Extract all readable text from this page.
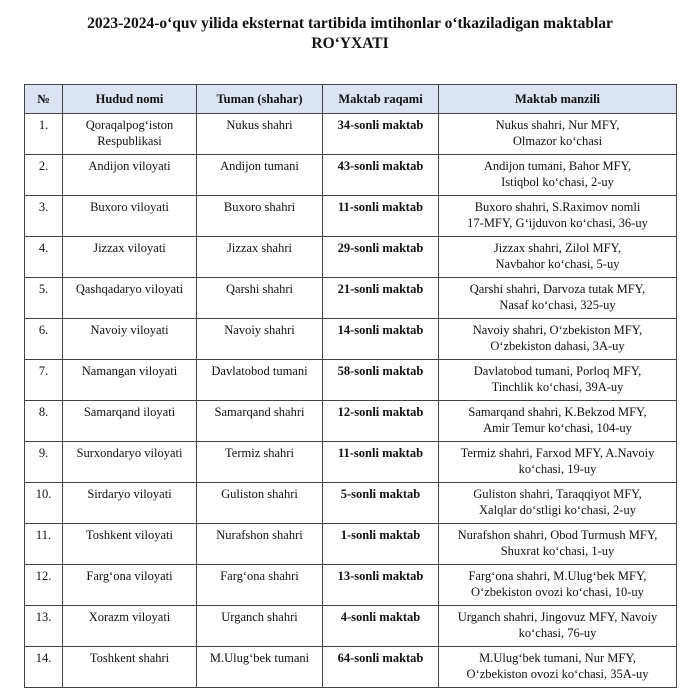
2023-2024-o‘quv yilida eksternat tartibida imtihonlar o‘tkaziladigan maktablar
RO‘YXATI
№	Hudud nomi	Tuman (shahar)	Maktab raqami	Maktab manzili
1.	Qoraqalpog‘iston Respublikasi	Nukus shahri	34-sonli maktab	Nukus shahri, Nur MFY,
Olmazor ko‘chasi

2.	Andijon viloyati	Andijon tumani	43-sonli maktab	Andijon tumani, Bahor MFY,
Istiqbol ko‘chasi, 2-uy

3.	Buxoro viloyati	Buxoro shahri	11-sonli maktab	Buxoro shahri, S.Raximov nomli
17-MFY, G‘ijduvon ko‘chasi, 36-uy

4.	Jizzax viloyati	Jizzax shahri	29-sonli maktab	Jizzax shahri, Zilol MFY,
Navbahor ko‘chasi, 5-uy

5.	Qashqadaryo viloyati	Qarshi shahri	21-sonli maktab	Qarshi shahri, Darvoza tutak MFY,
Nasaf ko‘chasi, 325-uy

6.	Navoiy viloyati	Navoiy shahri	14-sonli maktab	Navoiy shahri, O‘zbekiston MFY,
O‘zbekiston dahasi, 3A-uy

7.	Namangan viloyati	Davlatobod tumani	58-sonli maktab	Davlatobod tumani, Porloq MFY,
Tinchlik ko‘chasi, 39A-uy

8.	Samarqand iloyati	Samarqand shahri	12-sonli maktab	Samarqand shahri, K.Bekzod MFY,
Amir Temur ko‘chasi, 104-uy

9.	Surxondaryo viloyati	Termiz shahri	11-sonli maktab	Termiz shahri, Farxod MFY, A.Navoiy
ko‘chasi, 19-uy

10.	Sirdaryo viloyati	Guliston shahri	5-sonli maktab	Guliston shahri, Taraqqiyot MFY,
Xalqlar do‘stligi ko‘chasi, 2-uy

11.	Toshkent viloyati	Nurafshon shahri	1-sonli maktab	Nurafshon shahri, Obod Turmush MFY,
Shuxrat ko‘chasi, 1-uy

12.	Farg‘ona viloyati	Farg‘ona shahri	13-sonli maktab	Farg‘ona shahri, M.Ulug‘bek MFY,
O‘zbekiston ovozi ko‘chasi, 10-uy

13.	Xorazm viloyati	Urganch shahri	4-sonli maktab	Urganch shahri, Jingovuz MFY, Navoiy
ko‘chasi, 76-uy

14.	Toshkent shahri	M.Ulug‘bek tumani	64-sonli maktab	M.Ulug‘bek tumani, Nur MFY,
O‘zbekiston ovozi ko‘chasi, 35A-uy
